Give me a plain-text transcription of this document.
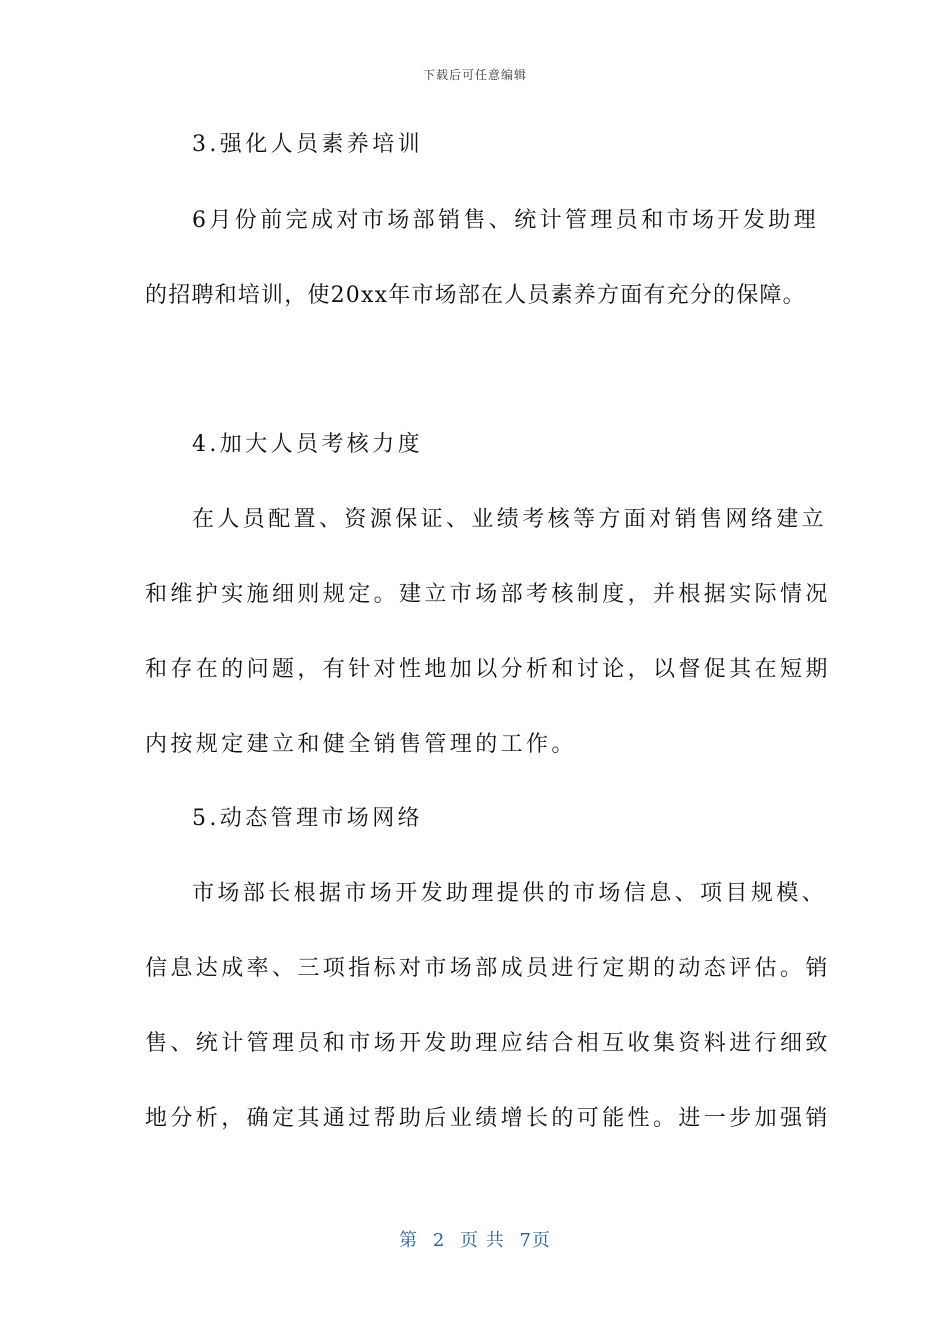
下载后可任意编辑
3.强化人员素养培训
6月份前完成对市场部销售、统计管理员和市场开发助理
的招聘和培训，使20xx年市场部在人员素养方面有充分的保障。
4.加大人员考核力度
在人员配置、资源保证、业绩考核等方面对销售网络建立
和维护实施细则规定。建立市场部考核制度，并根据实际情况
和存在的问题，有针对性地加以分析和讨论，以督促其在短期
内按规定建立和健全销售管理的工作。
5.动态管理市场网络
市场部长根据市场开发助理提供的市场信息、项目规模、
信息达成率、三项指标对市场部成员进行定期的动态评估。销
售、统计管理员和市场开发助理应结合相互收集资料进行细致
地分析，确定其通过帮助后业绩增长的可能性。进一步加强销
第 2 页 共 7页
